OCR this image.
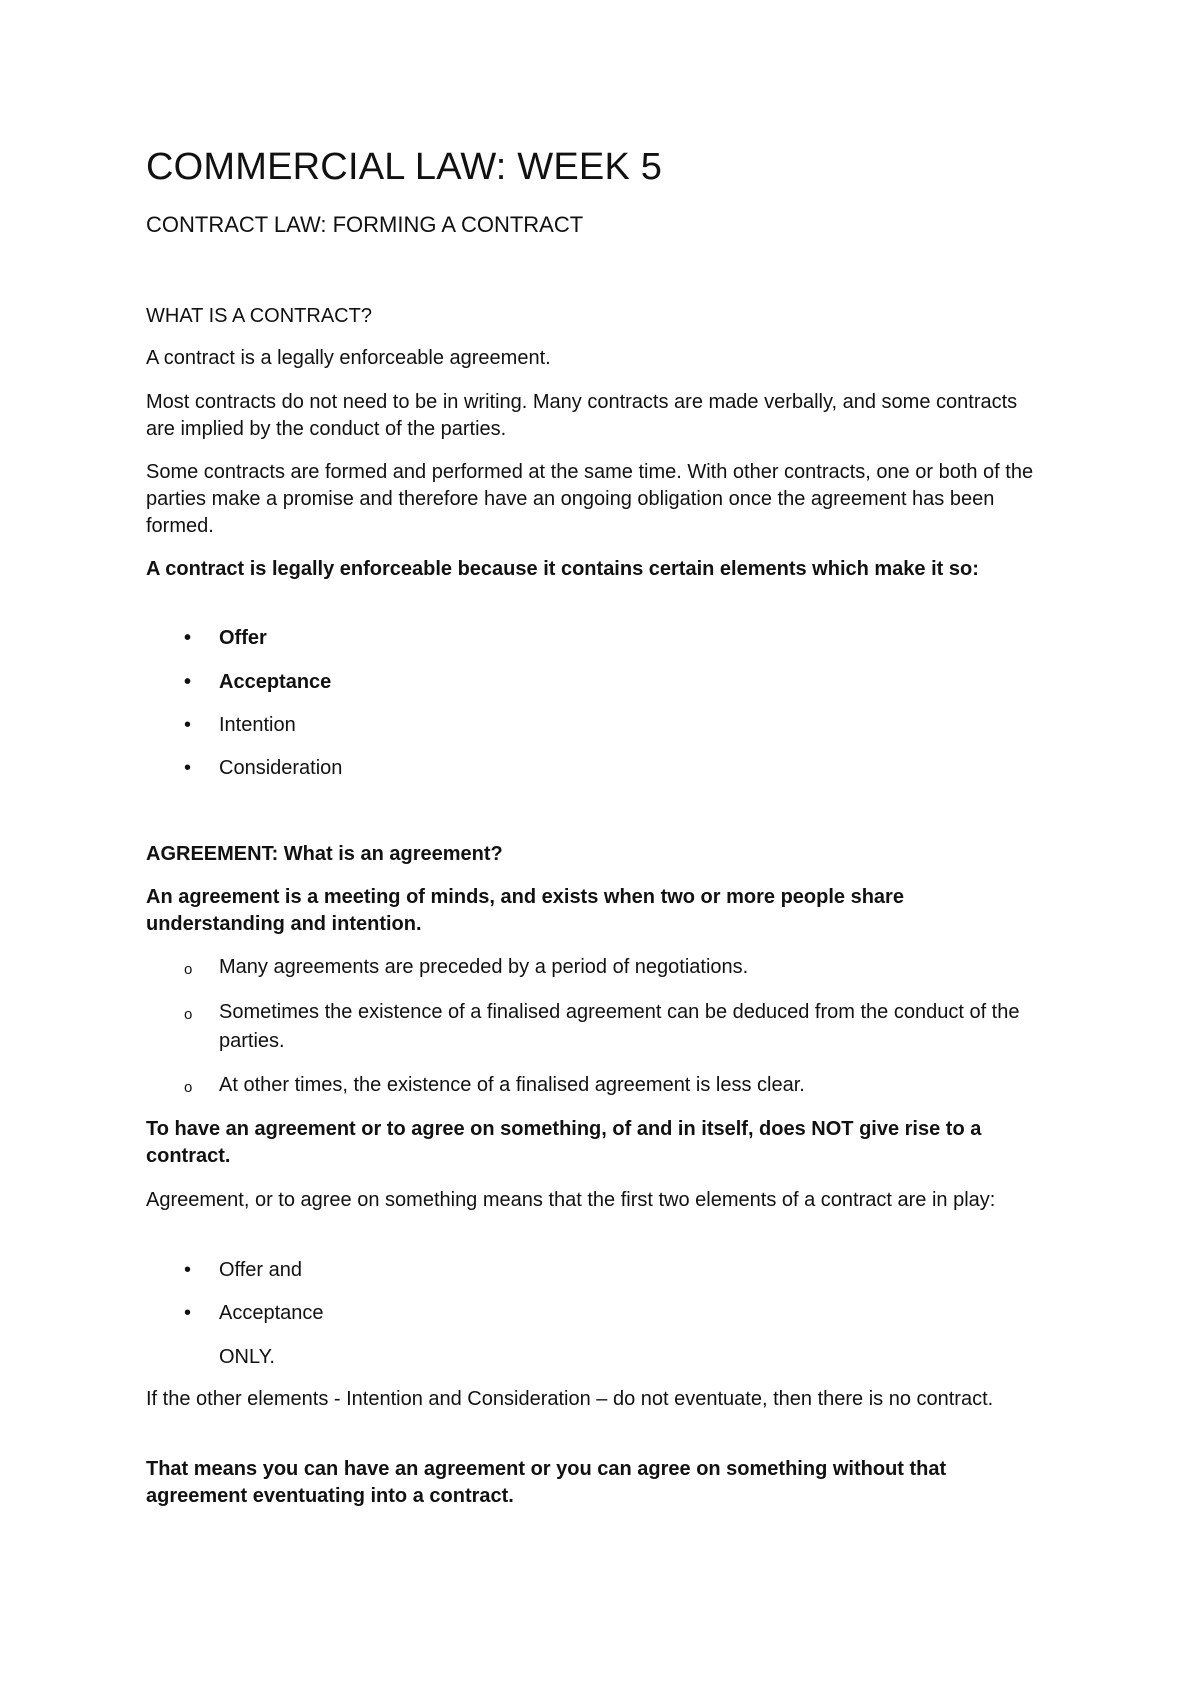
COMMERCIAL LAW: WEEK 5
CONTRACT LAW: FORMING A CONTRACT

WHAT IS A CONTRACT?

A contract is a legally enforceable agreement.

Most contracts do not need to be in writing. Many contracts are made verbally, and some contracts are implied by the conduct of the parties.

Some contracts are formed and performed at the same time. With other contracts, one or both of the parties make a promise and therefore have an ongoing obligation once the agreement has been formed.

A contract is legally enforceable because it contains certain elements which make it so:

•	Offer
•	Acceptance
•	Intention
•	Consideration

AGREEMENT: What is an agreement?

An agreement is a meeting of minds, and exists when two or more people share understanding and intention.

o	Many agreements are preceded by a period of negotiations.
o	Sometimes the existence of a finalised agreement can be deduced from the conduct of the parties.
o	At other times, the existence of a finalised agreement is less clear.

To have an agreement or to agree on something, of and in itself, does NOT give rise to a contract.

Agreement, or to agree on something means that the first two elements of a contract are in play:

•	Offer and
•	Acceptance

ONLY.

If the other elements - Intention and Consideration – do not eventuate, then there is no contract.

That means you can have an agreement or you can agree on something without that agreement eventuating into a contract.
